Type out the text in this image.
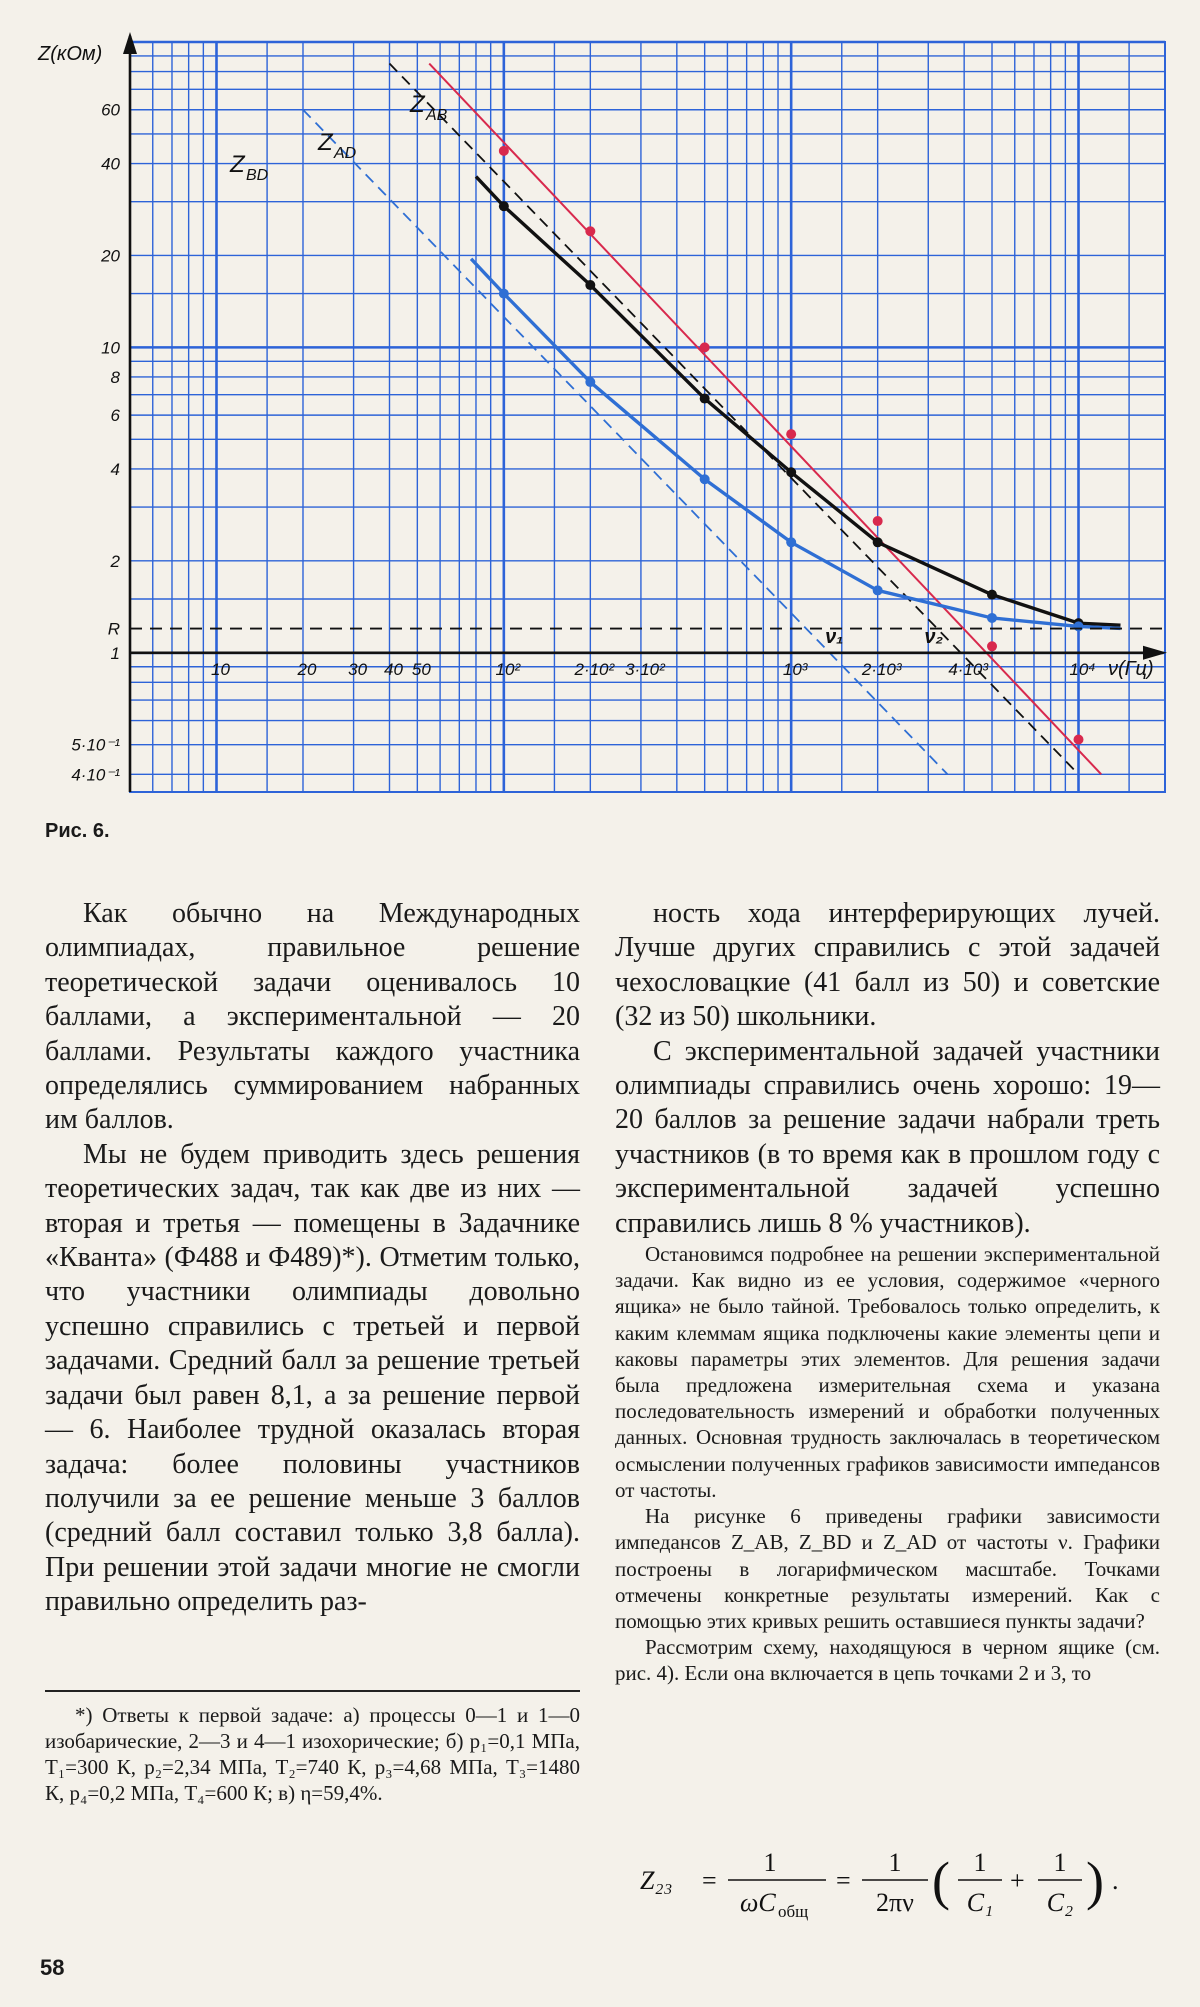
60
40
20
10
8
6
4
2
R
1
5·10⁻¹
4·10⁻¹
Z(кОм)
10	20 30 40 50	10²	2·10² 3·10²	10³	2·10³	4·10³	10⁴ ν(Гц)
ν₁	ν₂
Z AB
Z AD
Z BD
Рис. 6.

Как обычно на Международных олимпиадах, правильное решение теоретической задачи оценивалось 10 баллами, а экспериментальной — 20 баллами. Результаты каждого участника определялись суммированием набранных им баллов.

Мы не будем приводить здесь решения теоретических задач, так как две из них — вторая и третья — помещены в Задачнике «Кванта» (Ф488 и Ф489)*). Отметим только, что участники олимпиады довольно успешно справились с третьей и первой задачами. Средний балл за решение третьей задачи был равен 8,1, а за решение первой — 6. Наиболее трудной оказалась вторая задача: более половины участников получили за ее решение меньше 3 баллов (средний балл составил только 3,8 балла). При решении этой задачи многие не смогли правильно определить раз-

ность хода интерферирующих лучей. Лучше других справились с этой задачей чехословацкие (41 балл из 50) и советские (32 из 50) школьники.

С экспериментальной задачей участники олимпиады справились очень хорошо: 19—20 баллов за решение задачи набрали треть участников (в то время как в прошлом году с экспериментальной задачей успешно справились лишь 8 % участников).

Остановимся подробнее на решении экспериментальной задачи. Как видно из ее условия, содержимое «черного ящика» не было тайной. Требовалось только определить, к каким клеммам ящика подключены какие элементы цепи и каковы параметры этих элементов. Для решения задачи была предложена измерительная схема и указана последовательность измерений и обработки полученных данных. Основная трудность заключалась в теоретическом осмыслении полученных графиков зависимости импедансов от частоты.

На рисунке 6 приведены графики зависимости импедансов Z_AB, Z_BD и Z_AD от частоты ν. Графики построены в логарифмическом масштабе. Точками отмечены конкретные результаты измерений. Как с помощью этих кривых решить оставшиеся пункты задачи?

Рассмотрим схему, находящуюся в черном ящике (см. рис. 4). Если она включается в цепь точками 2 и 3, то

*) Ответы к первой задаче: а) процессы 0—1 и 1—0 изобарические, 2—3 и 4—1 изохорические; б) p₁=0,1 МПа, T₁=300 К, p₂=2,34 МПа, T₂=740 К, p₃=4,68 МПа, T₃=1480 К, p₄=0,2 МПа, T₄=600 К; в) η=59,4%.

Z₂₃ =
1
ωC общ
=
1
2πν ( 1
C₁
+
1
C₂ ) .
58
